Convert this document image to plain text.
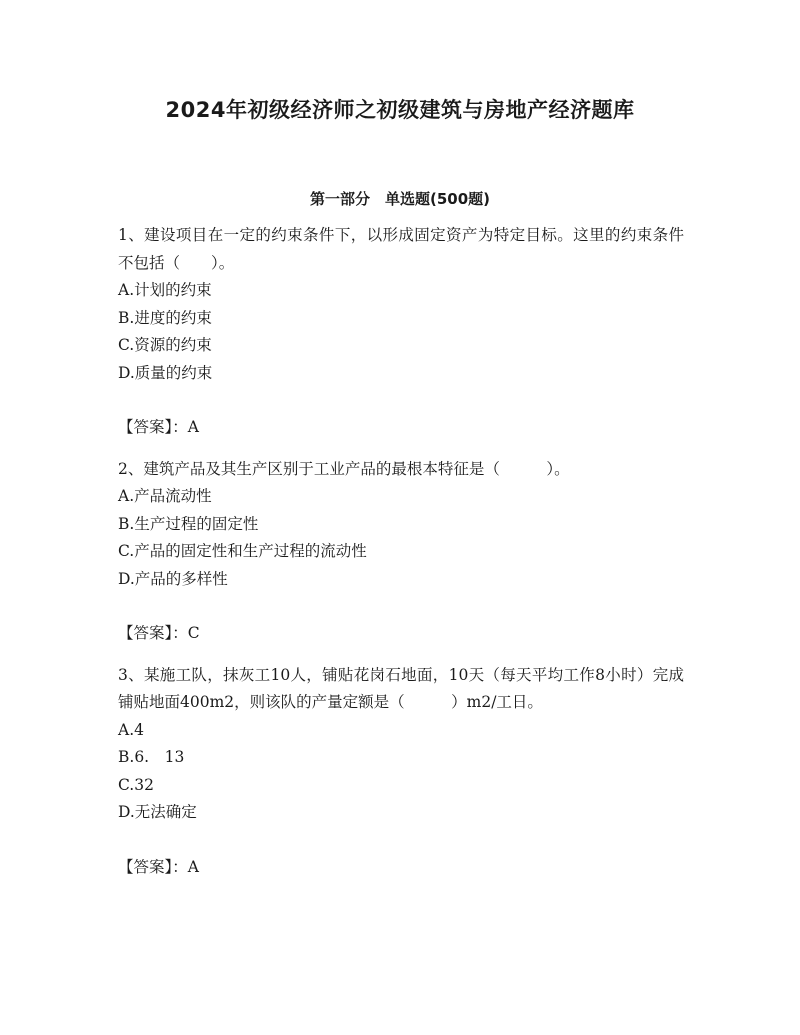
2024年初级经济师之初级建筑与房地产经济题库
第一部分　单选题(500题)

1、建设项目在一定的约束条件下，以形成固定资产为特定目标。这里的约束条件不包括（　　）。

A.计划的约束

B.进度的约束

C.资源的约束

D.质量的约束

【答案】：A

2、建筑产品及其生产区别于工业产品的最根本特征是（　　　）。

A.产品流动性

B.生产过程的固定性

C.产品的固定性和生产过程的流动性

D.产品的多样性

【答案】：C

3、某施工队，抹灰工10人，铺贴花岗石地面，10天（每天平均工作8小时）完成铺贴地面400m2，则该队的产量定额是（　　　）m2/工日。

A.4

B.6.　13

C.32

D.无法确定

【答案】：A
